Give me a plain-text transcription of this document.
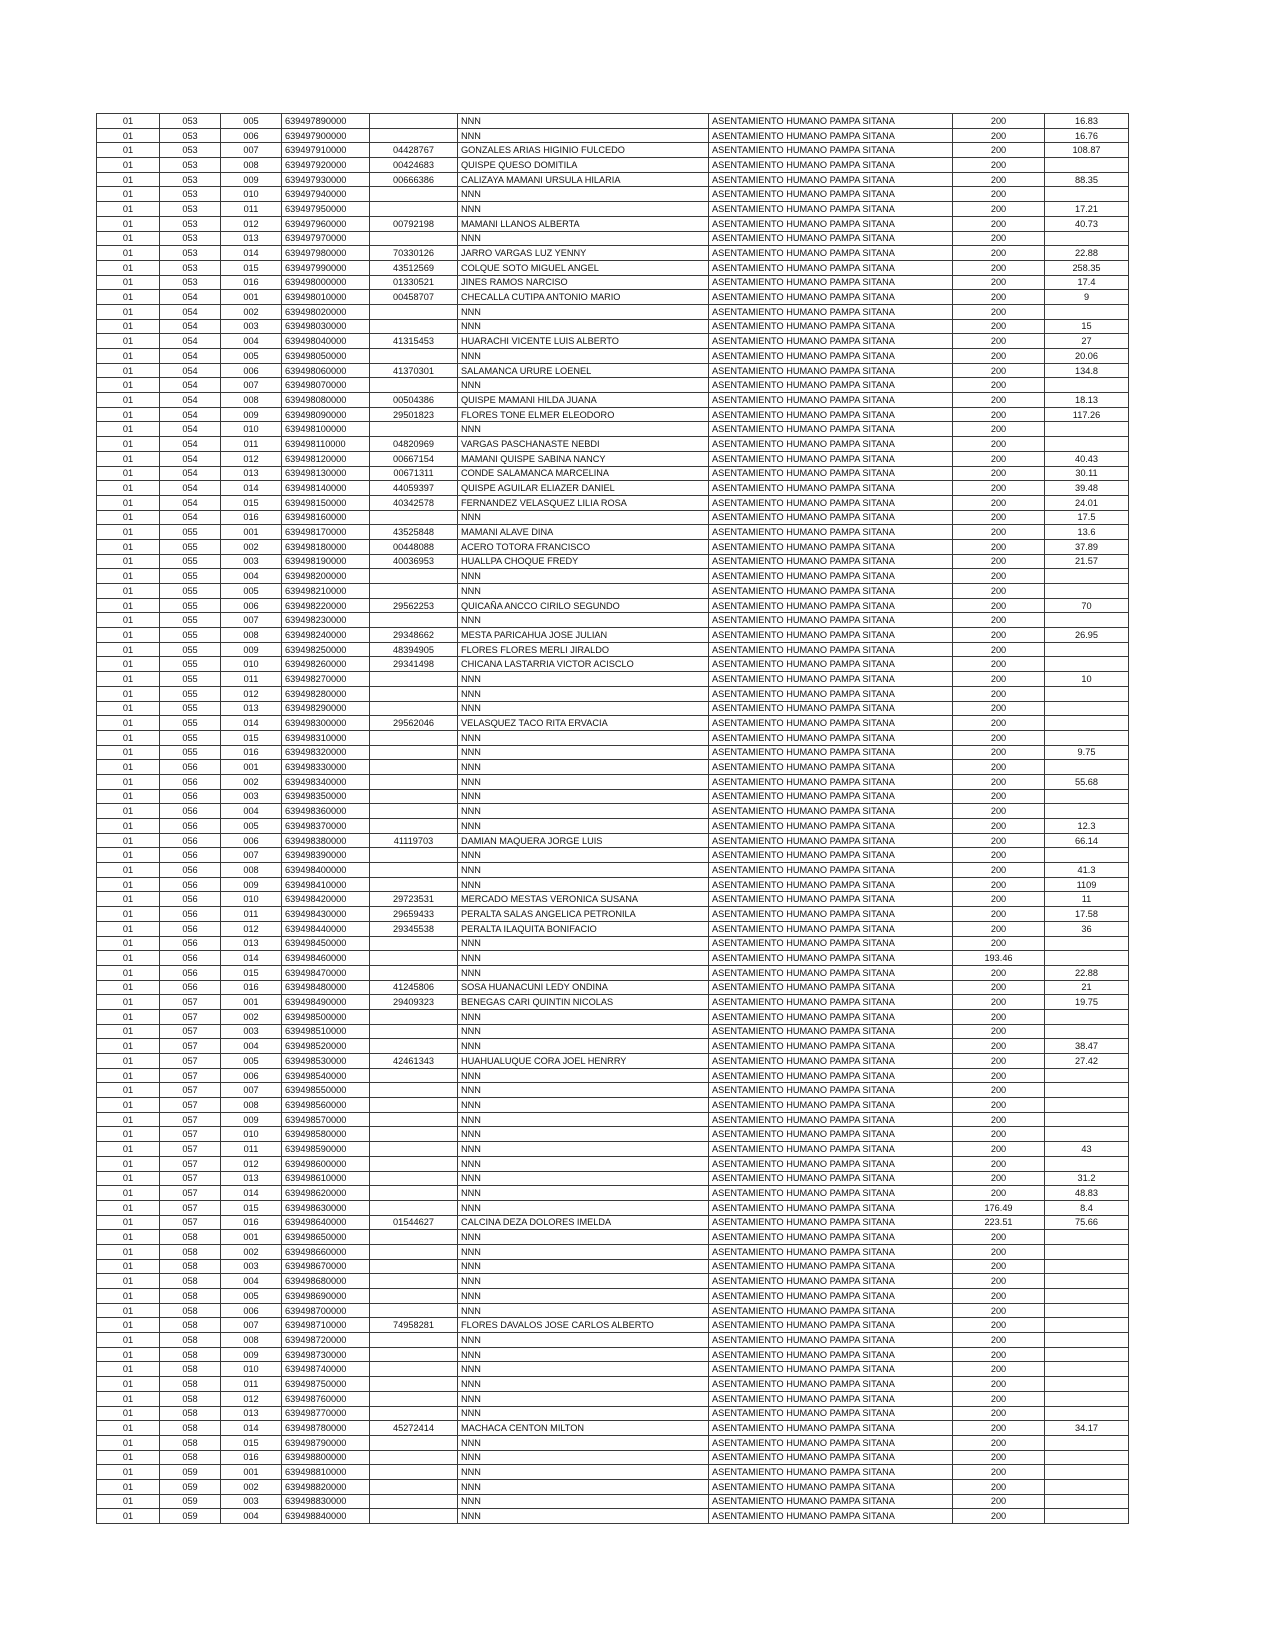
01	053	005	639497890000		NNN	ASENTAMIENTO HUMANO PAMPA SITANA	200	16.83
01	053	006	639497900000		NNN	ASENTAMIENTO HUMANO PAMPA SITANA	200	16.76
01	053	007	639497910000	04428767	GONZALES ARIAS HIGINIO FULCEDO	ASENTAMIENTO HUMANO PAMPA SITANA	200	108.87
01	053	008	639497920000	00424683	QUISPE QUESO DOMITILA	ASENTAMIENTO HUMANO PAMPA SITANA	200	
01	053	009	639497930000	00666386	CALIZAYA MAMANI URSULA HILARIA	ASENTAMIENTO HUMANO PAMPA SITANA	200	88.35
01	053	010	639497940000		NNN	ASENTAMIENTO HUMANO PAMPA SITANA	200	
01	053	011	639497950000		NNN	ASENTAMIENTO HUMANO PAMPA SITANA	200	17.21
01	053	012	639497960000	00792198	MAMANI LLANOS ALBERTA	ASENTAMIENTO HUMANO PAMPA SITANA	200	40.73
01	053	013	639497970000		NNN	ASENTAMIENTO HUMANO PAMPA SITANA	200	
01	053	014	639497980000	70330126	JARRO VARGAS LUZ YENNY	ASENTAMIENTO HUMANO PAMPA SITANA	200	22.88
01	053	015	639497990000	43512569	COLQUE SOTO MIGUEL ANGEL	ASENTAMIENTO HUMANO PAMPA SITANA	200	258.35
01	053	016	639498000000	01330521	JINES RAMOS NARCISO	ASENTAMIENTO HUMANO PAMPA SITANA	200	17.4
01	054	001	639498010000	00458707	CHECALLA CUTIPA ANTONIO MARIO	ASENTAMIENTO HUMANO PAMPA SITANA	200	9
01	054	002	639498020000		NNN	ASENTAMIENTO HUMANO PAMPA SITANA	200	
01	054	003	639498030000		NNN	ASENTAMIENTO HUMANO PAMPA SITANA	200	15
01	054	004	639498040000	41315453	HUARACHI VICENTE LUIS ALBERTO	ASENTAMIENTO HUMANO PAMPA SITANA	200	27
01	054	005	639498050000		NNN	ASENTAMIENTO HUMANO PAMPA SITANA	200	20.06
01	054	006	639498060000	41370301	SALAMANCA URURE LOENEL	ASENTAMIENTO HUMANO PAMPA SITANA	200	134.8
01	054	007	639498070000		NNN	ASENTAMIENTO HUMANO PAMPA SITANA	200	
01	054	008	639498080000	00504386	QUISPE MAMANI HILDA JUANA	ASENTAMIENTO HUMANO PAMPA SITANA	200	18.13
01	054	009	639498090000	29501823	FLORES TONE ELMER ELEODORO	ASENTAMIENTO HUMANO PAMPA SITANA	200	117.26
01	054	010	639498100000		NNN	ASENTAMIENTO HUMANO PAMPA SITANA	200	
01	054	011	639498110000	04820969	VARGAS PASCHANASTE NEBDI	ASENTAMIENTO HUMANO PAMPA SITANA	200	
01	054	012	639498120000	00667154	MAMANI QUISPE SABINA NANCY	ASENTAMIENTO HUMANO PAMPA SITANA	200	40.43
01	054	013	639498130000	00671311	CONDE SALAMANCA MARCELINA	ASENTAMIENTO HUMANO PAMPA SITANA	200	30.11
01	054	014	639498140000	44059397	QUISPE AGUILAR ELIAZER DANIEL	ASENTAMIENTO HUMANO PAMPA SITANA	200	39.48
01	054	015	639498150000	40342578	FERNANDEZ VELASQUEZ LILIA ROSA	ASENTAMIENTO HUMANO PAMPA SITANA	200	24.01
01	054	016	639498160000		NNN	ASENTAMIENTO HUMANO PAMPA SITANA	200	17.5
01	055	001	639498170000	43525848	MAMANI ALAVE DINA	ASENTAMIENTO HUMANO PAMPA SITANA	200	13.6
01	055	002	639498180000	00448088	ACERO TOTORA FRANCISCO	ASENTAMIENTO HUMANO PAMPA SITANA	200	37.89
01	055	003	639498190000	40036953	HUALLPA CHOQUE FREDY	ASENTAMIENTO HUMANO PAMPA SITANA	200	21.57
01	055	004	639498200000		NNN	ASENTAMIENTO HUMANO PAMPA SITANA	200	
01	055	005	639498210000		NNN	ASENTAMIENTO HUMANO PAMPA SITANA	200	
01	055	006	639498220000	29562253	QUICAÑA ANCCO CIRILO SEGUNDO	ASENTAMIENTO HUMANO PAMPA SITANA	200	70
01	055	007	639498230000		NNN	ASENTAMIENTO HUMANO PAMPA SITANA	200	
01	055	008	639498240000	29348662	MESTA PARICAHUA JOSE JULIAN	ASENTAMIENTO HUMANO PAMPA SITANA	200	26.95
01	055	009	639498250000	48394905	FLORES FLORES MERLI JIRALDO	ASENTAMIENTO HUMANO PAMPA SITANA	200	
01	055	010	639498260000	29341498	CHICANA LASTARRIA VICTOR ACISCLO	ASENTAMIENTO HUMANO PAMPA SITANA	200	
01	055	011	639498270000		NNN	ASENTAMIENTO HUMANO PAMPA SITANA	200	10
01	055	012	639498280000		NNN	ASENTAMIENTO HUMANO PAMPA SITANA	200	
01	055	013	639498290000		NNN	ASENTAMIENTO HUMANO PAMPA SITANA	200	
01	055	014	639498300000	29562046	VELASQUEZ TACO RITA ERVACIA	ASENTAMIENTO HUMANO PAMPA SITANA	200	
01	055	015	639498310000		NNN	ASENTAMIENTO HUMANO PAMPA SITANA	200	
01	055	016	639498320000		NNN	ASENTAMIENTO HUMANO PAMPA SITANA	200	9.75
01	056	001	639498330000		NNN	ASENTAMIENTO HUMANO PAMPA SITANA	200	
01	056	002	639498340000		NNN	ASENTAMIENTO HUMANO PAMPA SITANA	200	55.68
01	056	003	639498350000		NNN	ASENTAMIENTO HUMANO PAMPA SITANA	200	
01	056	004	639498360000		NNN	ASENTAMIENTO HUMANO PAMPA SITANA	200	
01	056	005	639498370000		NNN	ASENTAMIENTO HUMANO PAMPA SITANA	200	12.3
01	056	006	639498380000	41119703	DAMIAN MAQUERA JORGE LUIS	ASENTAMIENTO HUMANO PAMPA SITANA	200	66.14
01	056	007	639498390000		NNN	ASENTAMIENTO HUMANO PAMPA SITANA	200	
01	056	008	639498400000		NNN	ASENTAMIENTO HUMANO PAMPA SITANA	200	41.3
01	056	009	639498410000		NNN	ASENTAMIENTO HUMANO PAMPA SITANA	200	1109
01	056	010	639498420000	29723531	MERCADO MESTAS VERONICA SUSANA	ASENTAMIENTO HUMANO PAMPA SITANA	200	11
01	056	011	639498430000	29659433	PERALTA SALAS ANGELICA PETRONILA	ASENTAMIENTO HUMANO PAMPA SITANA	200	17.58
01	056	012	639498440000	29345538	PERALTA ILAQUITA BONIFACIO	ASENTAMIENTO HUMANO PAMPA SITANA	200	36
01	056	013	639498450000		NNN	ASENTAMIENTO HUMANO PAMPA SITANA	200	
01	056	014	639498460000		NNN	ASENTAMIENTO HUMANO PAMPA SITANA	193.46	
01	056	015	639498470000		NNN	ASENTAMIENTO HUMANO PAMPA SITANA	200	22.88
01	056	016	639498480000	41245806	SOSA HUANACUNI LEDY ONDINA	ASENTAMIENTO HUMANO PAMPA SITANA	200	21
01	057	001	639498490000	29409323	BENEGAS CARI QUINTIN NICOLAS	ASENTAMIENTO HUMANO PAMPA SITANA	200	19.75
01	057	002	639498500000		NNN	ASENTAMIENTO HUMANO PAMPA SITANA	200	
01	057	003	639498510000		NNN	ASENTAMIENTO HUMANO PAMPA SITANA	200	
01	057	004	639498520000		NNN	ASENTAMIENTO HUMANO PAMPA SITANA	200	38.47
01	057	005	639498530000	42461343	HUAHUALUQUE CORA JOEL HENRRY	ASENTAMIENTO HUMANO PAMPA SITANA	200	27.42
01	057	006	639498540000		NNN	ASENTAMIENTO HUMANO PAMPA SITANA	200	
01	057	007	639498550000		NNN	ASENTAMIENTO HUMANO PAMPA SITANA	200	
01	057	008	639498560000		NNN	ASENTAMIENTO HUMANO PAMPA SITANA	200	
01	057	009	639498570000		NNN	ASENTAMIENTO HUMANO PAMPA SITANA	200	
01	057	010	639498580000		NNN	ASENTAMIENTO HUMANO PAMPA SITANA	200	
01	057	011	639498590000		NNN	ASENTAMIENTO HUMANO PAMPA SITANA	200	43
01	057	012	639498600000		NNN	ASENTAMIENTO HUMANO PAMPA SITANA	200	
01	057	013	639498610000		NNN	ASENTAMIENTO HUMANO PAMPA SITANA	200	31.2
01	057	014	639498620000		NNN	ASENTAMIENTO HUMANO PAMPA SITANA	200	48.83
01	057	015	639498630000		NNN	ASENTAMIENTO HUMANO PAMPA SITANA	176.49	8.4
01	057	016	639498640000	01544627	CALCINA DEZA DOLORES IMELDA	ASENTAMIENTO HUMANO PAMPA SITANA	223.51	75.66
01	058	001	639498650000		NNN	ASENTAMIENTO HUMANO PAMPA SITANA	200	
01	058	002	639498660000		NNN	ASENTAMIENTO HUMANO PAMPA SITANA	200	
01	058	003	639498670000		NNN	ASENTAMIENTO HUMANO PAMPA SITANA	200	
01	058	004	639498680000		NNN	ASENTAMIENTO HUMANO PAMPA SITANA	200	
01	058	005	639498690000		NNN	ASENTAMIENTO HUMANO PAMPA SITANA	200	
01	058	006	639498700000		NNN	ASENTAMIENTO HUMANO PAMPA SITANA	200	
01	058	007	639498710000	74958281	FLORES DAVALOS JOSE CARLOS ALBERTO	ASENTAMIENTO HUMANO PAMPA SITANA	200	
01	058	008	639498720000		NNN	ASENTAMIENTO HUMANO PAMPA SITANA	200	
01	058	009	639498730000		NNN	ASENTAMIENTO HUMANO PAMPA SITANA	200	
01	058	010	639498740000		NNN	ASENTAMIENTO HUMANO PAMPA SITANA	200	
01	058	011	639498750000		NNN	ASENTAMIENTO HUMANO PAMPA SITANA	200	
01	058	012	639498760000		NNN	ASENTAMIENTO HUMANO PAMPA SITANA	200	
01	058	013	639498770000		NNN	ASENTAMIENTO HUMANO PAMPA SITANA	200	
01	058	014	639498780000	45272414	MACHACA CENTON MILTON	ASENTAMIENTO HUMANO PAMPA SITANA	200	34.17
01	058	015	639498790000		NNN	ASENTAMIENTO HUMANO PAMPA SITANA	200	
01	058	016	639498800000		NNN	ASENTAMIENTO HUMANO PAMPA SITANA	200	
01	059	001	639498810000		NNN	ASENTAMIENTO HUMANO PAMPA SITANA	200	
01	059	002	639498820000		NNN	ASENTAMIENTO HUMANO PAMPA SITANA	200	
01	059	003	639498830000		NNN	ASENTAMIENTO HUMANO PAMPA SITANA	200	
01	059	004	639498840000		NNN	ASENTAMIENTO HUMANO PAMPA SITANA	200	
